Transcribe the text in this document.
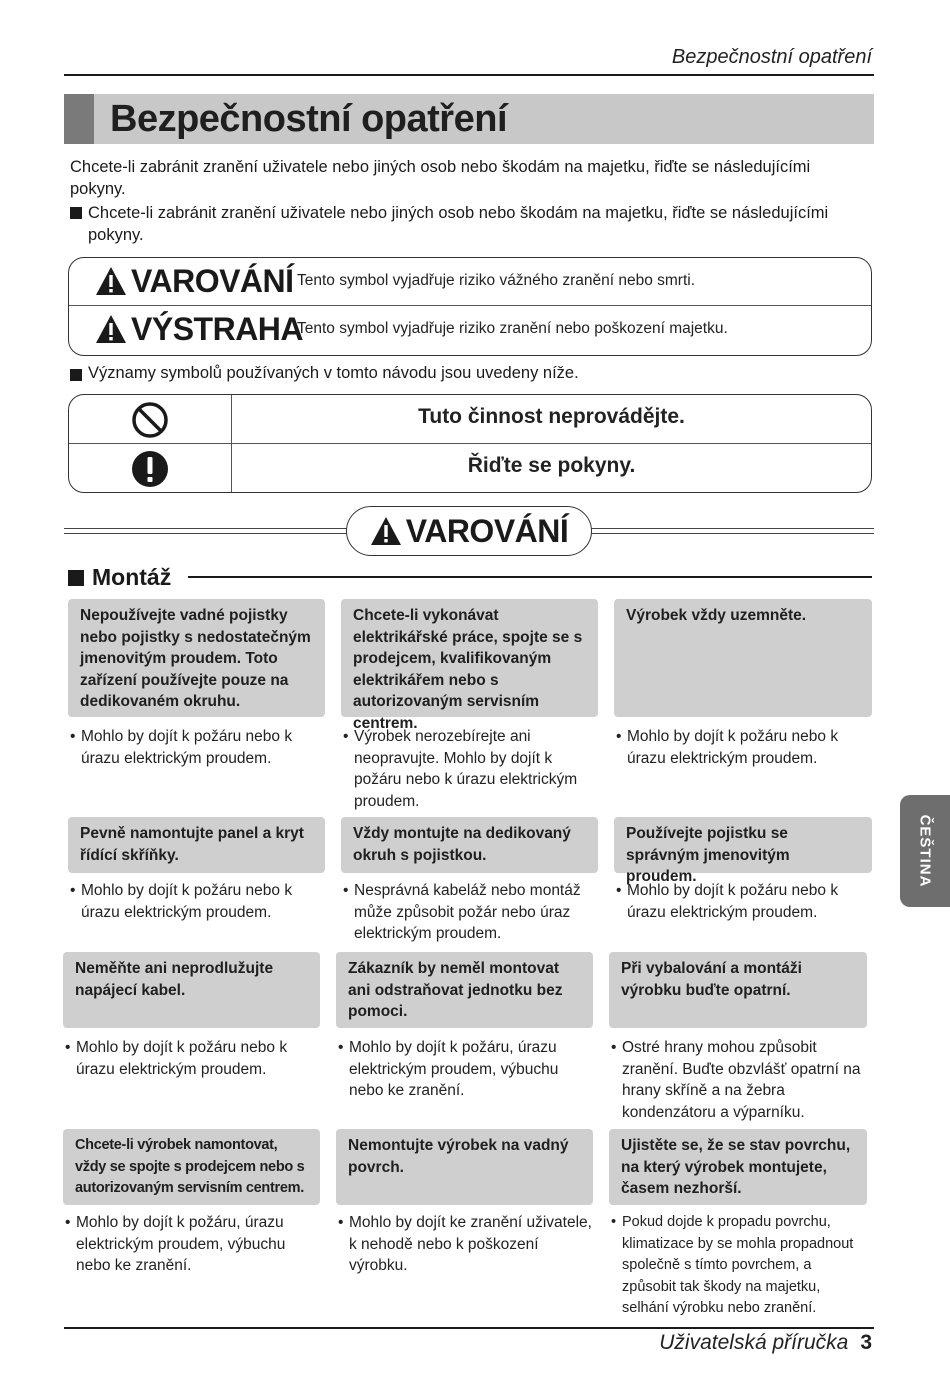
Bezpečnostní opatření
Bezpečnostní opatření
Chcete-li zabránit zranění uživatele nebo jiných osob nebo škodám na majetku, řiďte se následujícími pokyny.
Chcete-li zabránit zranění uživatele nebo jiných osob nebo škodám na majetku, řiďte se následujícími pokyny.
VAROVÁNÍ Tento symbol vyjadřuje riziko vážného zranění nebo smrti.
VÝSTRAHA
Tento symbol vyjadřuje riziko zranění nebo poškození majetku.
Významy symbolů používaných v tomto návodu jsou uvedeny níže.
Tuto činnost neprovádějte.
Řiďte se pokyny.
VAROVÁNÍ
Montáž
Nepoužívejte vadné pojistky nebo pojistky s nedostatečným jmenovitým proudem. Toto zařízení používejte pouze na dedikovaném okruhu.
• Mohlo by dojít k požáru nebo k úrazu elektrickým proudem.
Chcete-li vykonávat elektrikářské práce, spojte se s prodejcem, kvalifikovaným elektrikářem nebo s autorizovaným servisním centrem.
• Výrobek nerozebírejte ani neopravujte. Mohlo by dojít k požáru nebo k úrazu elektrickým proudem.
Výrobek vždy uzemněte.
• Mohlo by dojít k požáru nebo k úrazu elektrickým proudem.
Pevně namontujte panel a kryt řídící skříňky.
• Mohlo by dojít k požáru nebo k úrazu elektrickým proudem.
Vždy montujte na dedikovaný okruh s pojistkou.
• Nesprávná kabeláž nebo montáž může způsobit požár nebo úraz elektrickým proudem.
Používejte pojistku se správným jmenovitým proudem.
• Mohlo by dojít k požáru nebo k úrazu elektrickým proudem.
Neměňte ani neprodlužujte napájecí kabel.
• Mohlo by dojít k požáru nebo k úrazu elektrickým proudem.
Zákazník by neměl montovat ani odstraňovat jednotku bez pomoci.
• Mohlo by dojít k požáru, úrazu elektrickým proudem, výbuchu nebo ke zranění.
Při vybalování a montáži výrobku buďte opatrní.
• Ostré hrany mohou způsobit zranění. Buďte obzvlášť opatrní na hrany skříně a na žebra kondenzátoru a výparníku.
Chcete-li výrobek namontovat, vždy se spojte s prodejcem nebo s autorizovaným servisním centrem.
• Mohlo by dojít k požáru, úrazu elektrickým proudem, výbuchu nebo ke zranění.
Nemontujte výrobek na vadný povrch.
• Mohlo by dojít ke zranění uživatele, k nehodě nebo k poškození výrobku.
Ujistěte se, že se stav povrchu, na který výrobek montujete, časem nezhorší.
• Pokud dojde k propadu povrchu, klimatizace by se mohla propadnout společně s tímto povrchem, a způsobit tak škody na majetku, selhání výrobku nebo zranění.
ČEŠTINA
Uživatelská příručka 3
